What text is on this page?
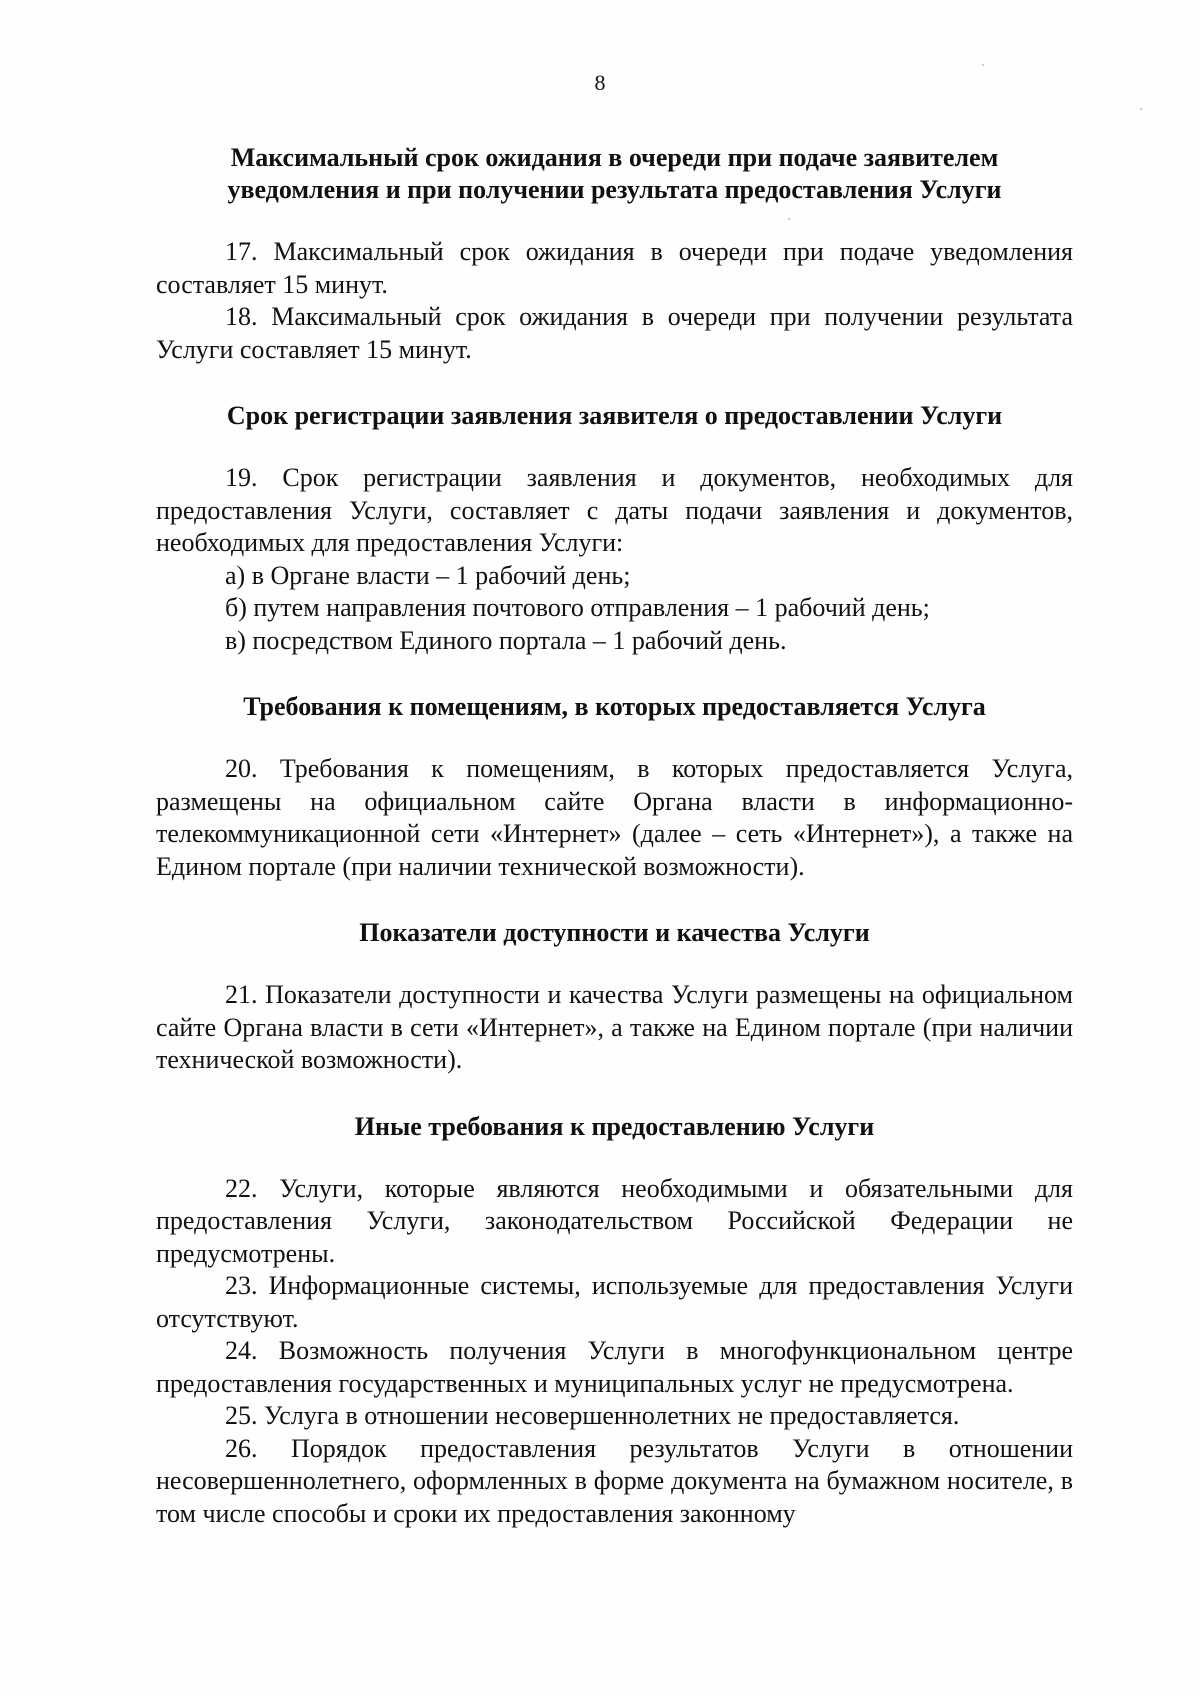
8
Максимальный срок ожидания в очереди при подаче заявителем уведомления и при получении результата предоставления Услуги

17. Максимальный срок ожидания в очереди при подаче уведомления составляет 15 минут.

18. Максимальный срок ожидания в очереди при получении результата Услуги составляет 15 минут.

Срок регистрации заявления заявителя о предоставлении Услуги

19. Срок регистрации заявления и документов, необходимых для предоставления Услуги, составляет с даты подачи заявления и документов, необходимых для предоставления Услуги:

а) в Органе власти – 1 рабочий день;

б) путем направления почтового отправления – 1 рабочий день;

в) посредством Единого портала – 1 рабочий день.

Требования к помещениям, в которых предоставляется Услуга

20. Требования к помещениям, в которых предоставляется Услуга, размещены на официальном сайте Органа власти в информационно-телекоммуникационной сети «Интернет» (далее – сеть «Интернет»), а также на Едином портале (при наличии технической возможности).

Показатели доступности и качества Услуги

21. Показатели доступности и качества Услуги размещены на официальном сайте Органа власти в сети «Интернет», а также на Едином портале (при наличии технической возможности).

Иные требования к предоставлению Услуги

22. Услуги, которые являются необходимыми и обязательными для предоставления Услуги, законодательством Российской Федерации не предусмотрены.

23. Информационные системы, используемые для предоставления Услуги отсутствуют.

24. Возможность получения Услуги в многофункциональном центре предоставления государственных и муниципальных услуг не предусмотрена.

25. Услуга в отношении несовершеннолетних не предоставляется.

26. Порядок предоставления результатов Услуги в отношении несовершеннолетнего, оформленных в форме документа на бумажном носителе, в том числе способы и сроки их предоставления законному
